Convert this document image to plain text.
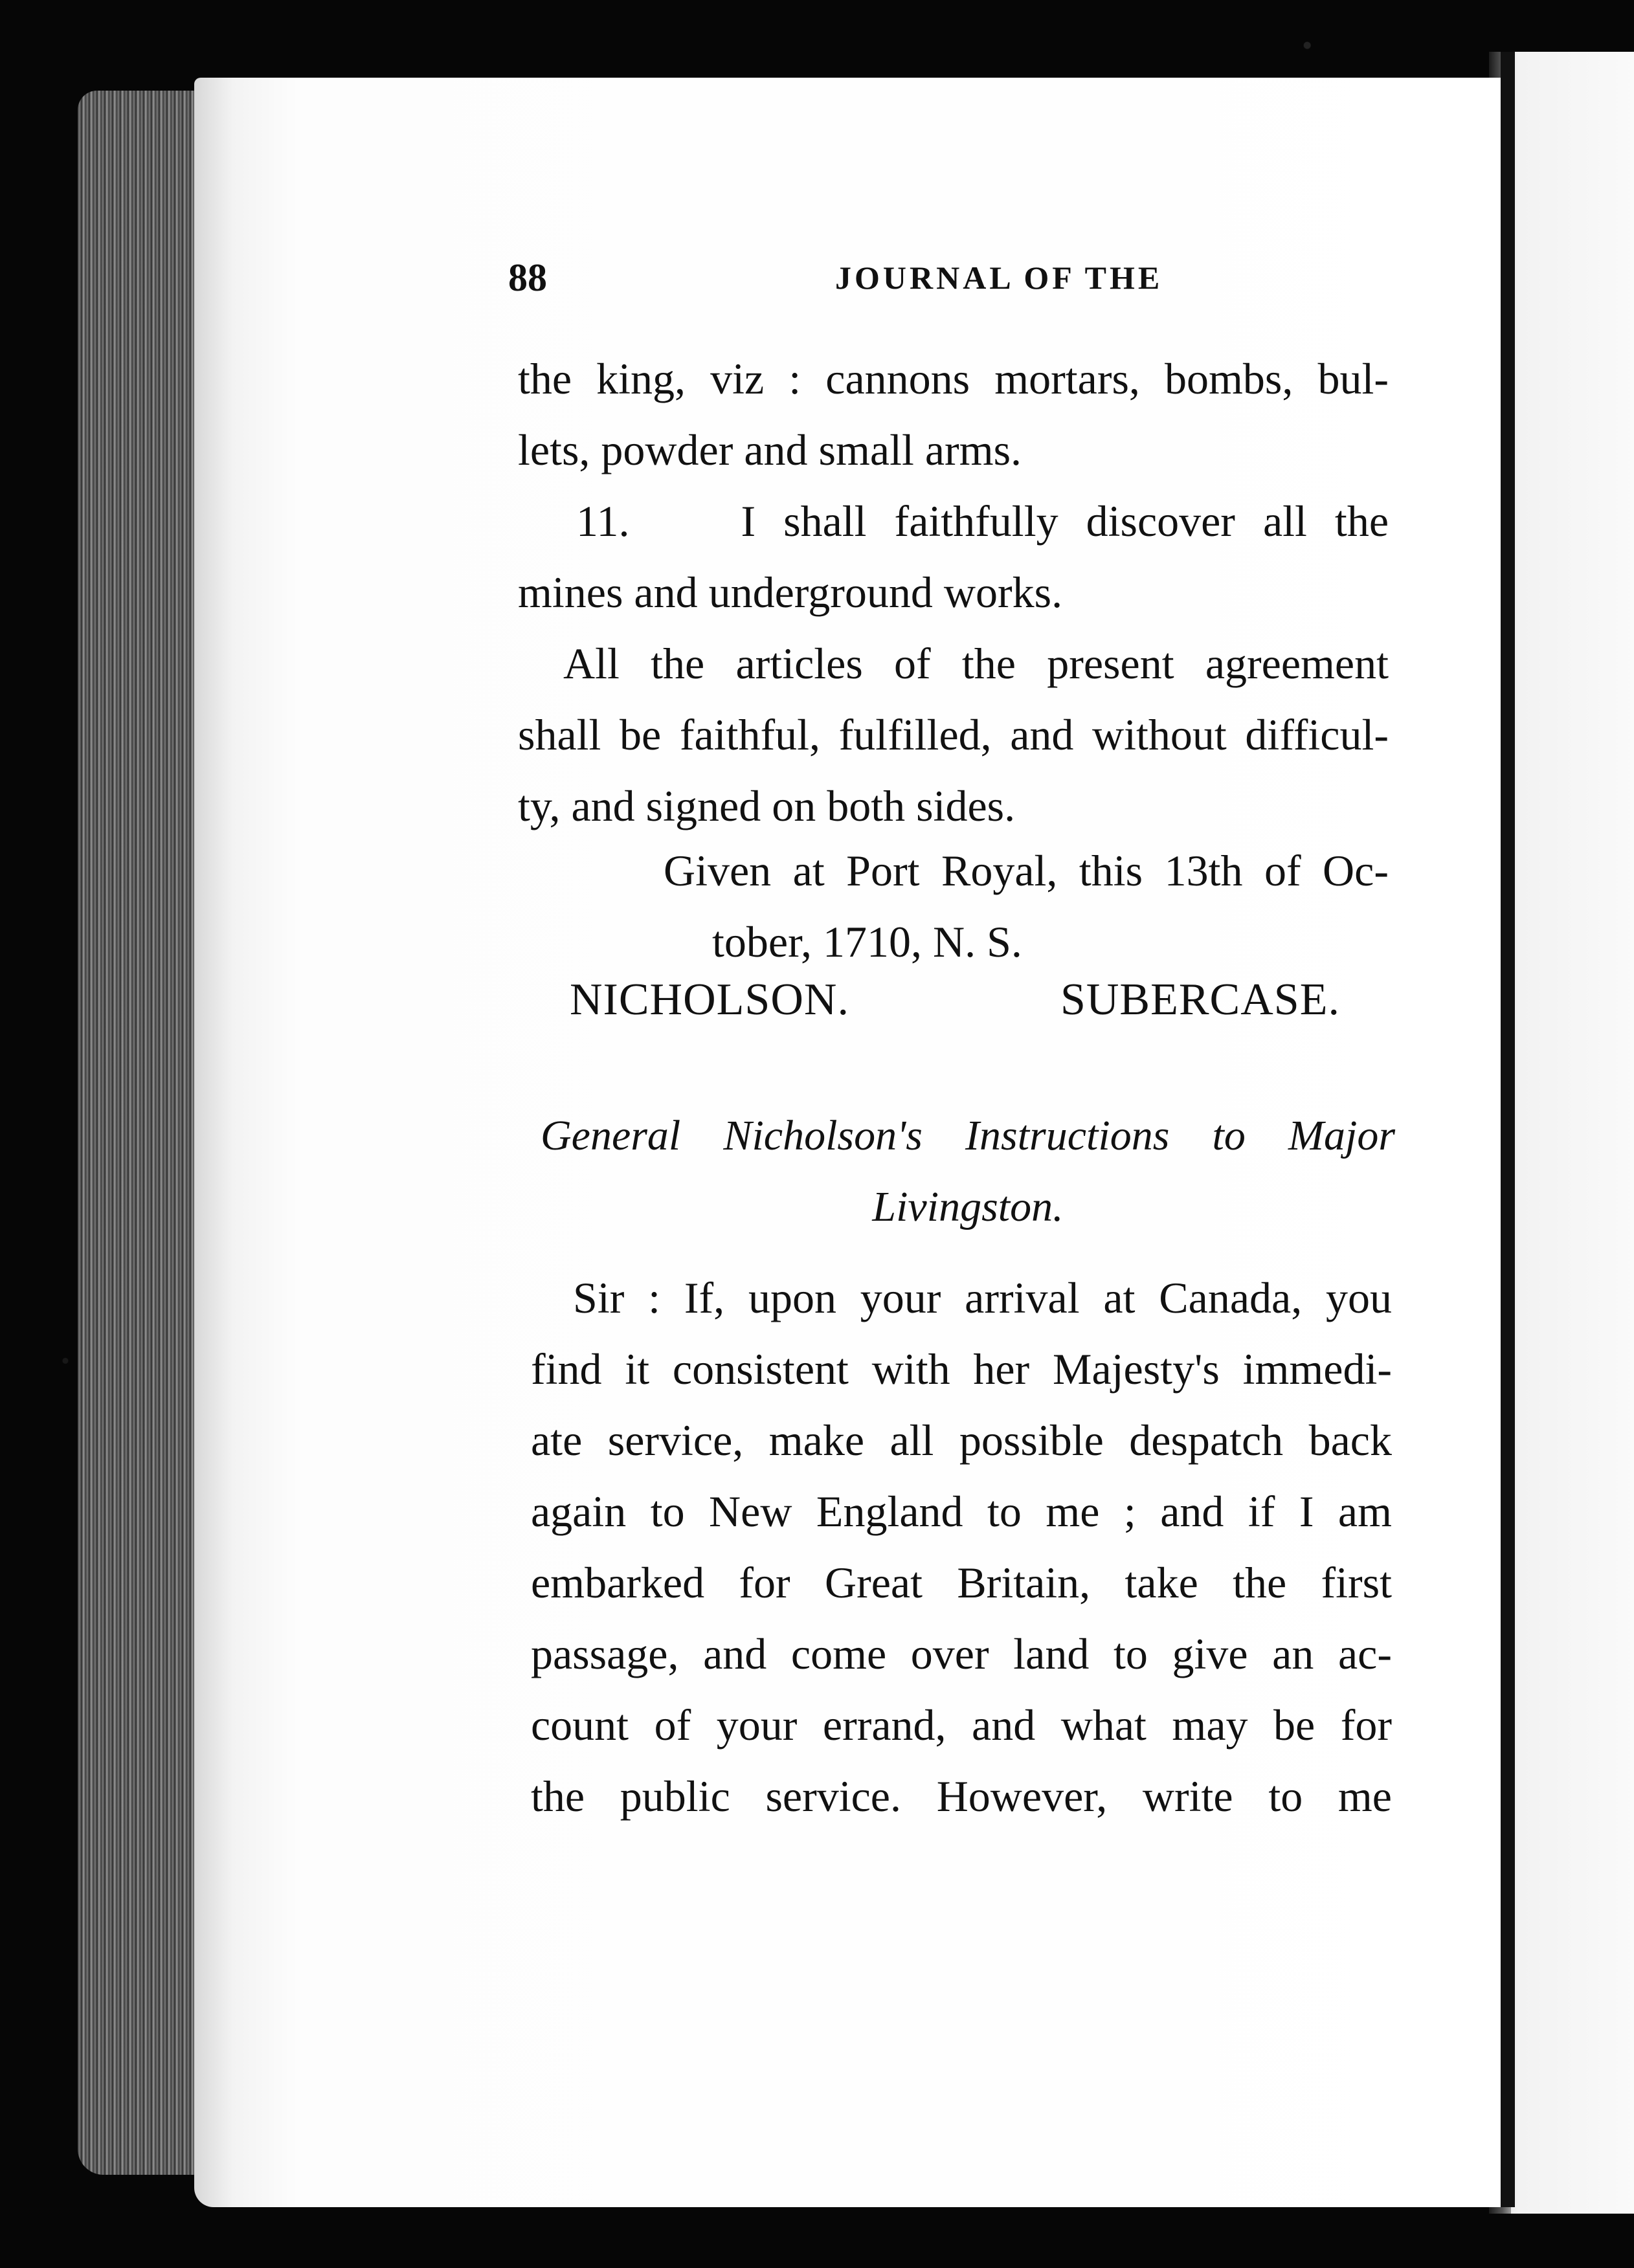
88	JOURNAL OF THE
the king, viz : cannons mortars, bombs, bul-
lets, powder and small arms.
11.    I shall faithfully discover all the
mines and underground works.
All the articles of the present agreement
shall be faithful, fulfilled, and without difficul-
ty, and signed on both sides.
Given at Port Royal, this 13th of Oc-
tober, 1710, N. S.
NICHOLSON.	SUBERCASE.
General Nicholson's Instructions to Major
Livingston.
Sir : If, upon your arrival at Canada, you
find it consistent with her Majesty's immedi-
ate service, make all possible despatch back
again to New England to me ; and if I am
embarked for Great Britain, take the first
passage, and come over land to give an ac-
count of your errand, and what may be for
the public service. However, write to me
